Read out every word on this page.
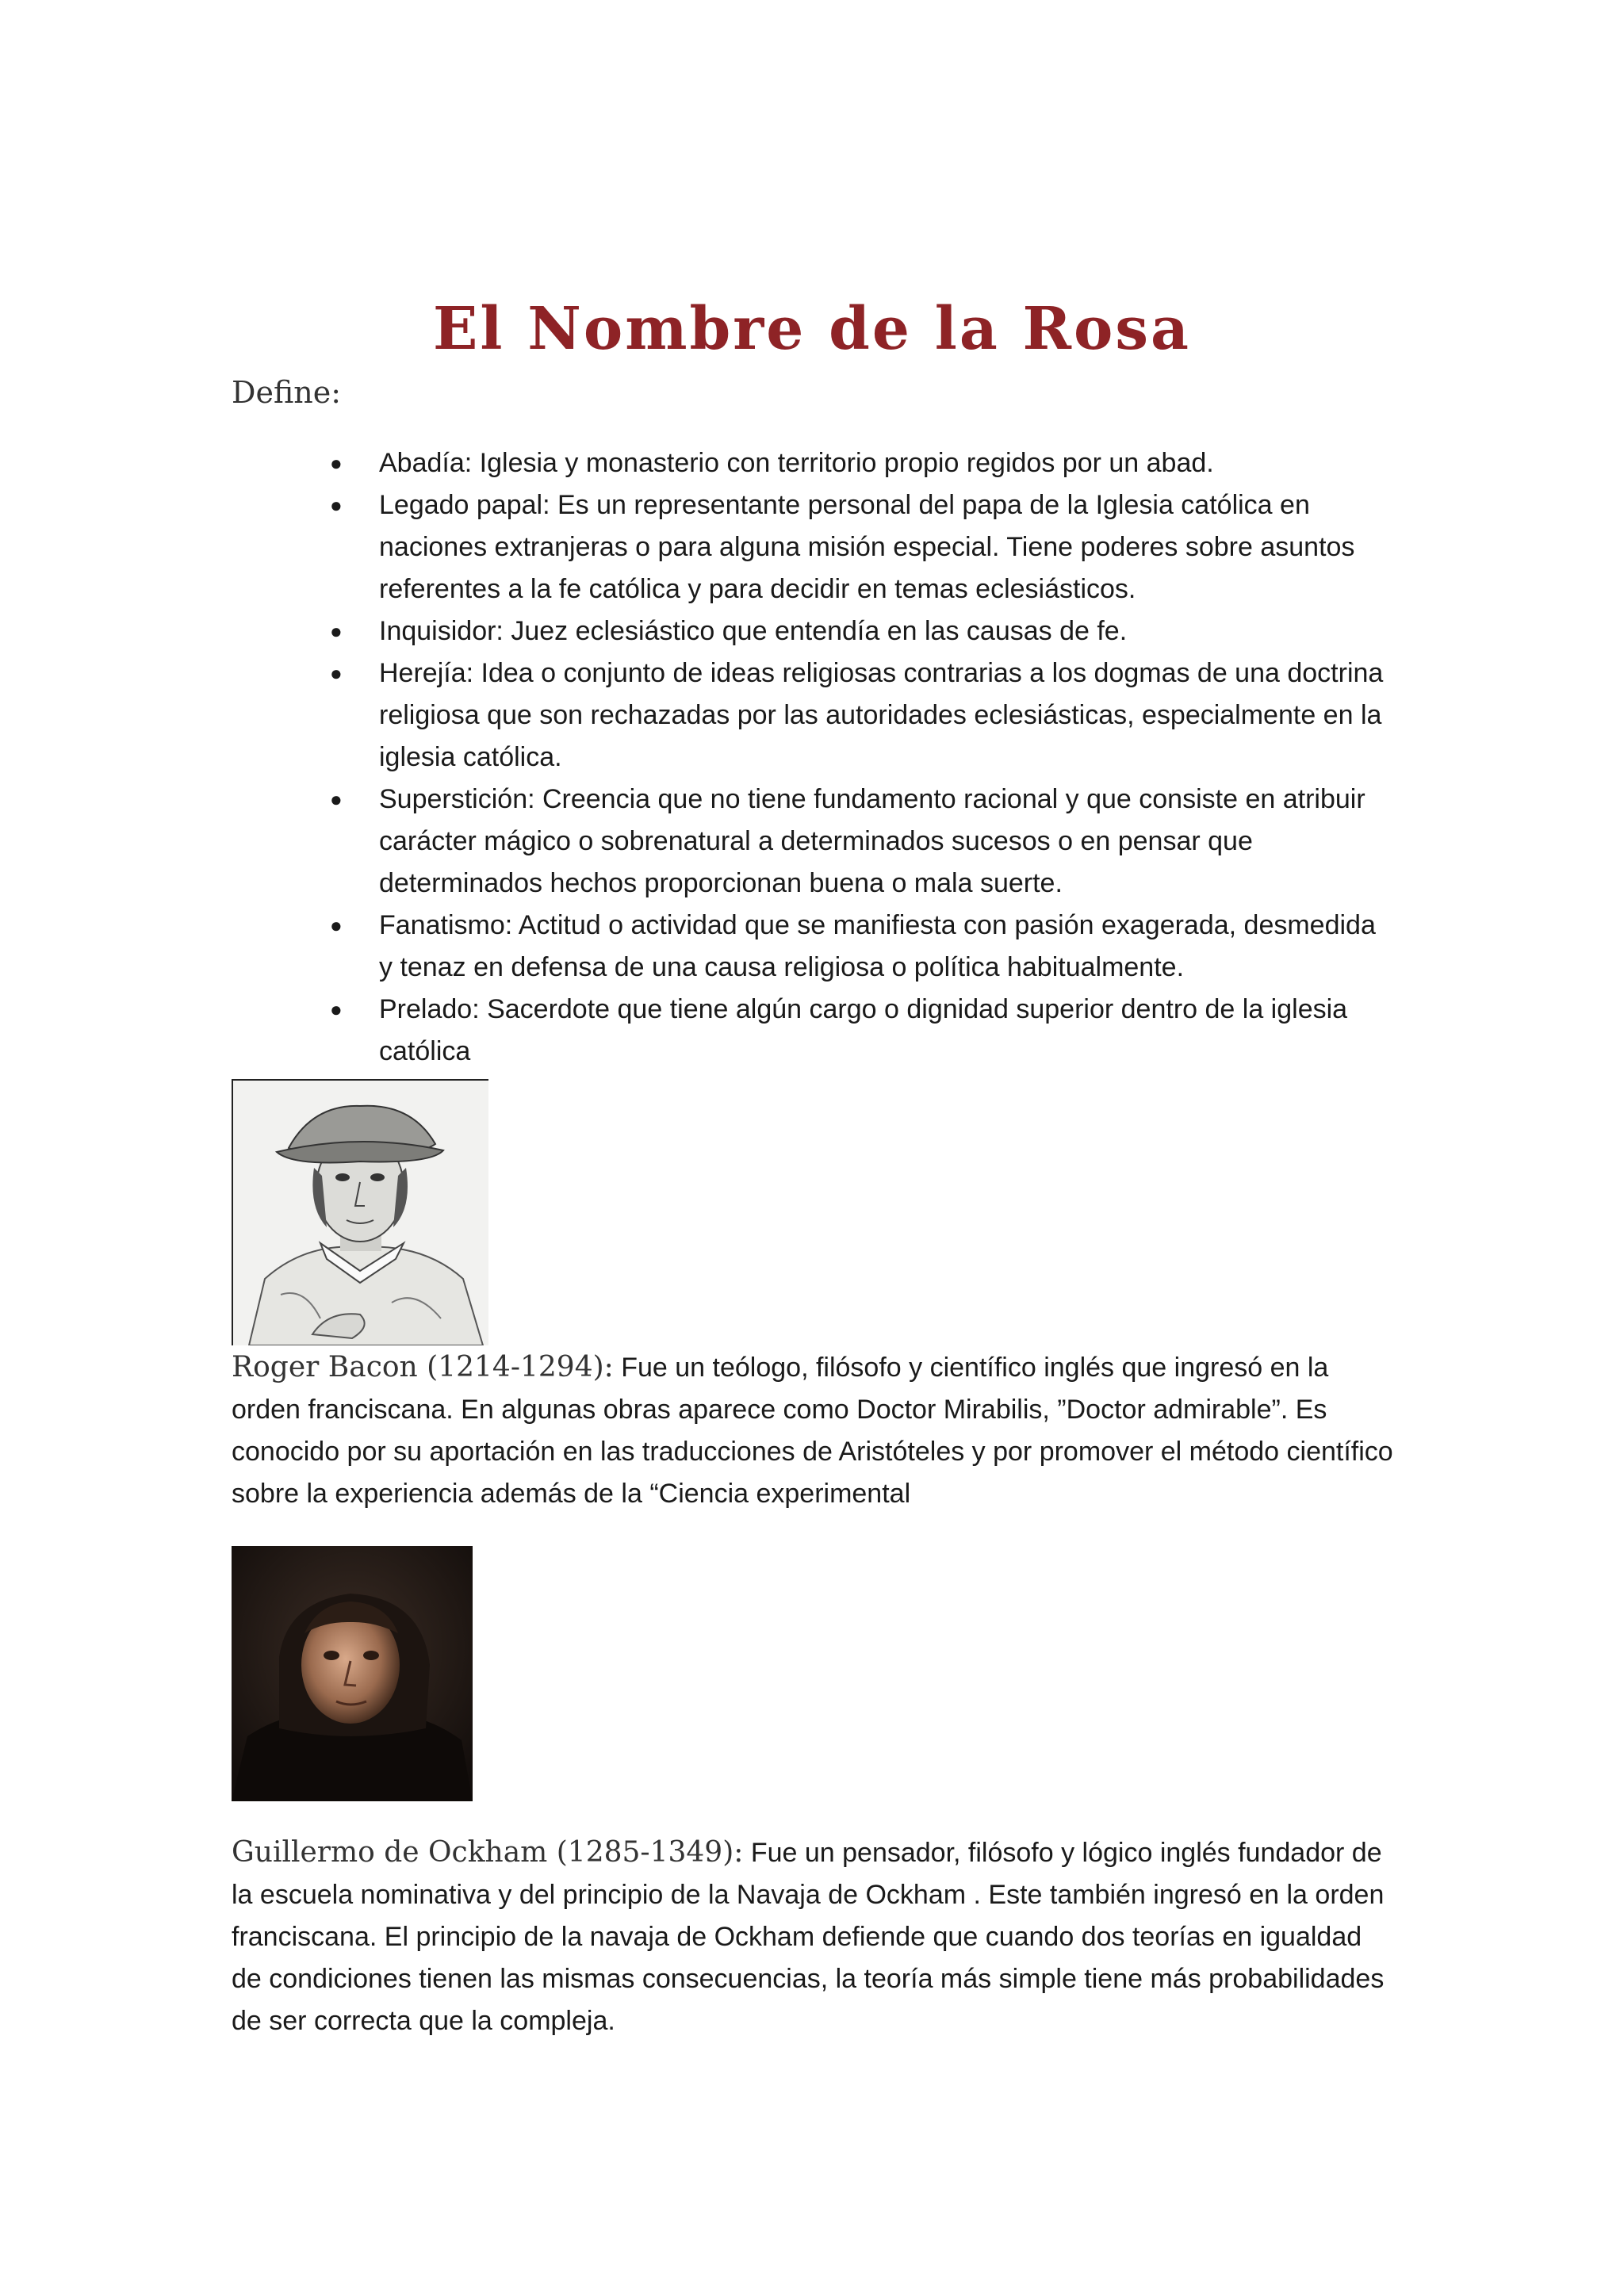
El Nombre de la Rosa
Define:
● Abadía: Iglesia y monasterio con territorio propio regidos por un abad.
● Legado papal: Es un representante personal del papa de la Iglesia católica en naciones extranjeras o para alguna misión especial. Tiene poderes sobre asuntos referentes a la fe católica y para decidir en temas eclesiásticos.
● Inquisidor: Juez eclesiástico que entendía en las causas de fe.
● Herejía: Idea o conjunto de ideas religiosas contrarias a los dogmas de una doctrina religiosa que son rechazadas por las autoridades eclesiásticas, especialmente en la iglesia católica.
● Superstición: Creencia que no tiene fundamento racional y que consiste en atribuir carácter mágico o sobrenatural a determinados sucesos o en pensar que determinados hechos proporcionan buena o mala suerte.
● Fanatismo: Actitud o actividad que se manifiesta con pasión exagerada, desmedida y tenaz en defensa de una causa religiosa o política habitualmente.
● Prelado: Sacerdote que tiene algún cargo o dignidad superior dentro de la iglesia católica

Roger Bacon (1214-1294): Fue un teólogo, filósofo y científico inglés que ingresó en la orden franciscana. En algunas obras aparece como Doctor Mirabilis, ”Doctor admirable”. Es conocido por su aportación en las traducciones de Aristóteles y por promover el método científico sobre la experiencia además de la “Ciencia experimental

Guillermo de Ockham (1285-1349): Fue un pensador, filósofo y lógico inglés fundador de la escuela nominativa y del principio de la Navaja de Ockham . Este también ingresó en la orden franciscana. El principio de la navaja de Ockham defiende que cuando dos teorías en igualdad de condiciones tienen las mismas consecuencias, la teoría más simple tiene más probabilidades de ser correcta que la compleja.
